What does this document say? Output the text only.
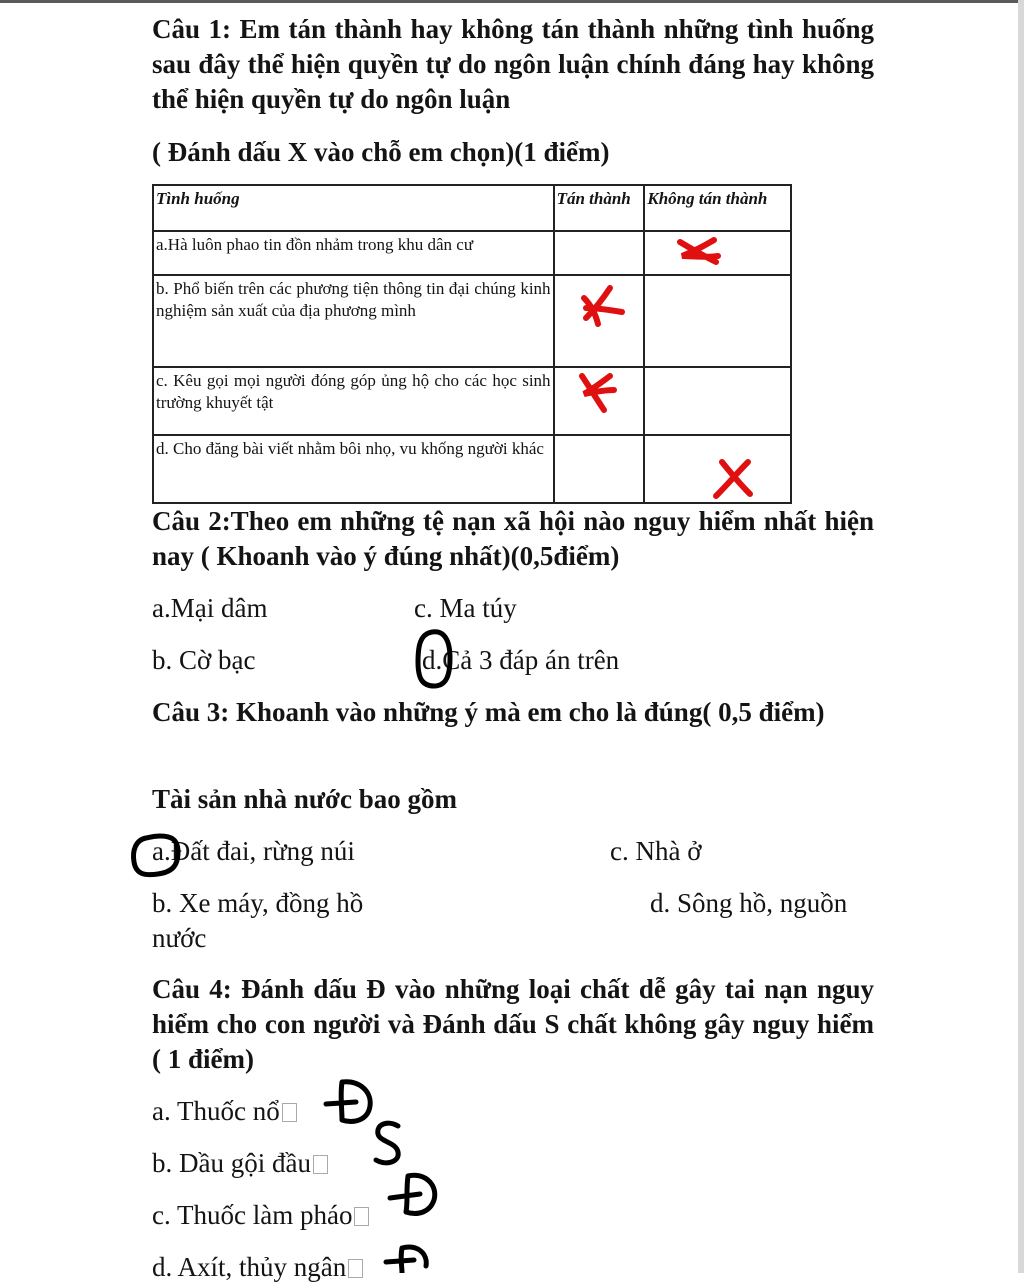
Câu 1: Em tán thành hay không tán thành những tình huống sau đây thể hiện quyền tự do ngôn luận chính đáng hay không thể hiện quyền tự do ngôn luận

( Đánh dấu X vào chỗ em chọn)(1 điểm)
Tình huống	Tán thành	Không tán thành
a.Hà luôn phao tin đồn nhảm trong khu dân cư		
b. Phổ biến trên các phương tiện thông tin đại chúng kinh nghiệm sản xuất của địa phương mình		
c. Kêu gọi mọi người đóng góp ủng hộ cho các học sinh trường khuyết tật		
d. Cho đăng bài viết nhằm bôi nhọ, vu khống người khác		

Câu 2:Theo em những tệ nạn xã hội nào nguy hiểm nhất hiện nay ( Khoanh vào ý đúng nhất)(0,5điểm)

a.Mại dâm	c. Ma túy
b. Cờ bạc	d.Cả 3 đáp án trên

Câu 3: Khoanh vào những ý mà em cho là đúng( 0,5 điểm)

Tài sản nhà nước bao gồm
a.Đất đai, rừng núi	c. Nhà ở
b. Xe máy, đồng hồ	d. Sông hồ, nguồn
nước

Câu 4: Đánh dấu Đ vào những loại chất dễ gây tai nạn nguy hiểm cho con người và Đánh dấu S chất không gây nguy hiểm ( 1 điểm)

a. Thuốc nổ
b. Dầu gội đầu
c. Thuốc làm pháo
d. Axít, thủy ngân
